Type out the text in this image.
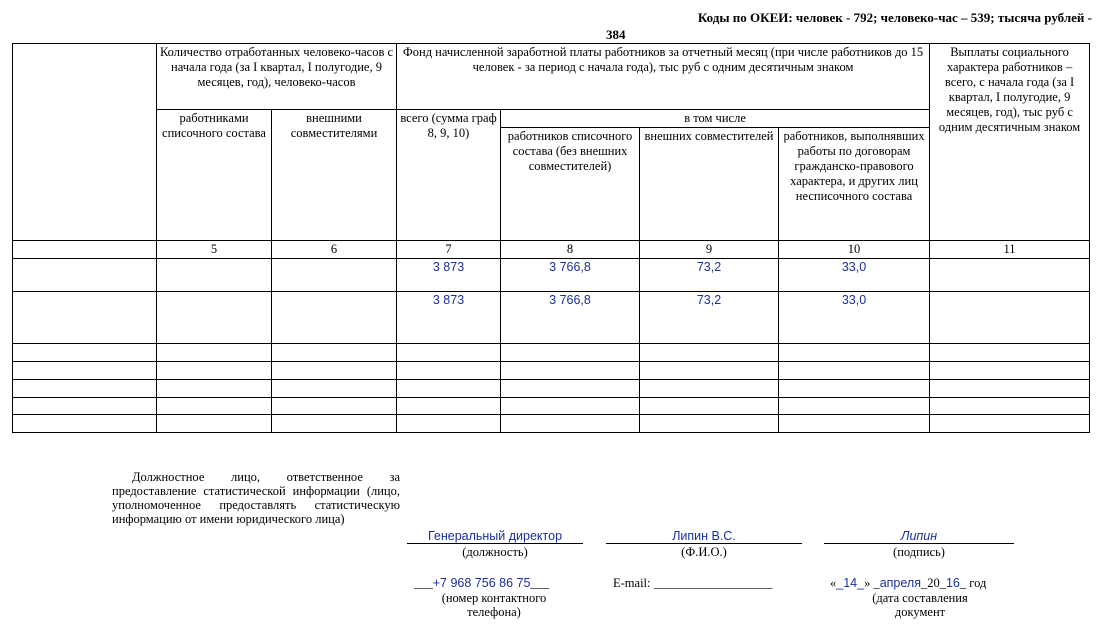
Коды по ОКЕИ: человек - 792; человеко-час – 539; тысяча рублей -
384
	Количество отработанных человеко-часов с начала года (за I квартал, I полугодие, 9 месяцев, год), человеко-часов		Фонд начисленной заработной платы работников за отчетный месяц (при числе работников до 15 человек - за период с начала года), тыс руб с одним десятичным знаком				Выплаты социального характера работников – всего, с начала года (за I квартал, I полугодие, 9 месяцев, год), тыс руб с одним десятичным знаком
	работниками списочного состава	внешними совместителями	всего (сумма граф 8, 9, 10)	в том числе			
				работников списочного состава (без внешних совместителей)	внешних совместителей	работников, выполнявших работы по договорам гражданско-правового характера, и других лиц несписочного состава	
	5	6	7	8	9	10	11
			3 873	3 766,8	73,2	33,0	
			3 873	3 766,8	73,2	33,0	

Должностное лицо, ответственное за предоставление статистической информации (лицо, уполномоченное предоставлять статистическую информацию от имени юридического лица)
Генеральный директор
(должность)
Липин В.С.
(Ф.И.О.)
Липин
(подпись)
___+7 968 756 86 75___
(номер контактного телефона)
E-mail: ___________________	«_14_» _апреля_20_16_ год
(дата составления документ
